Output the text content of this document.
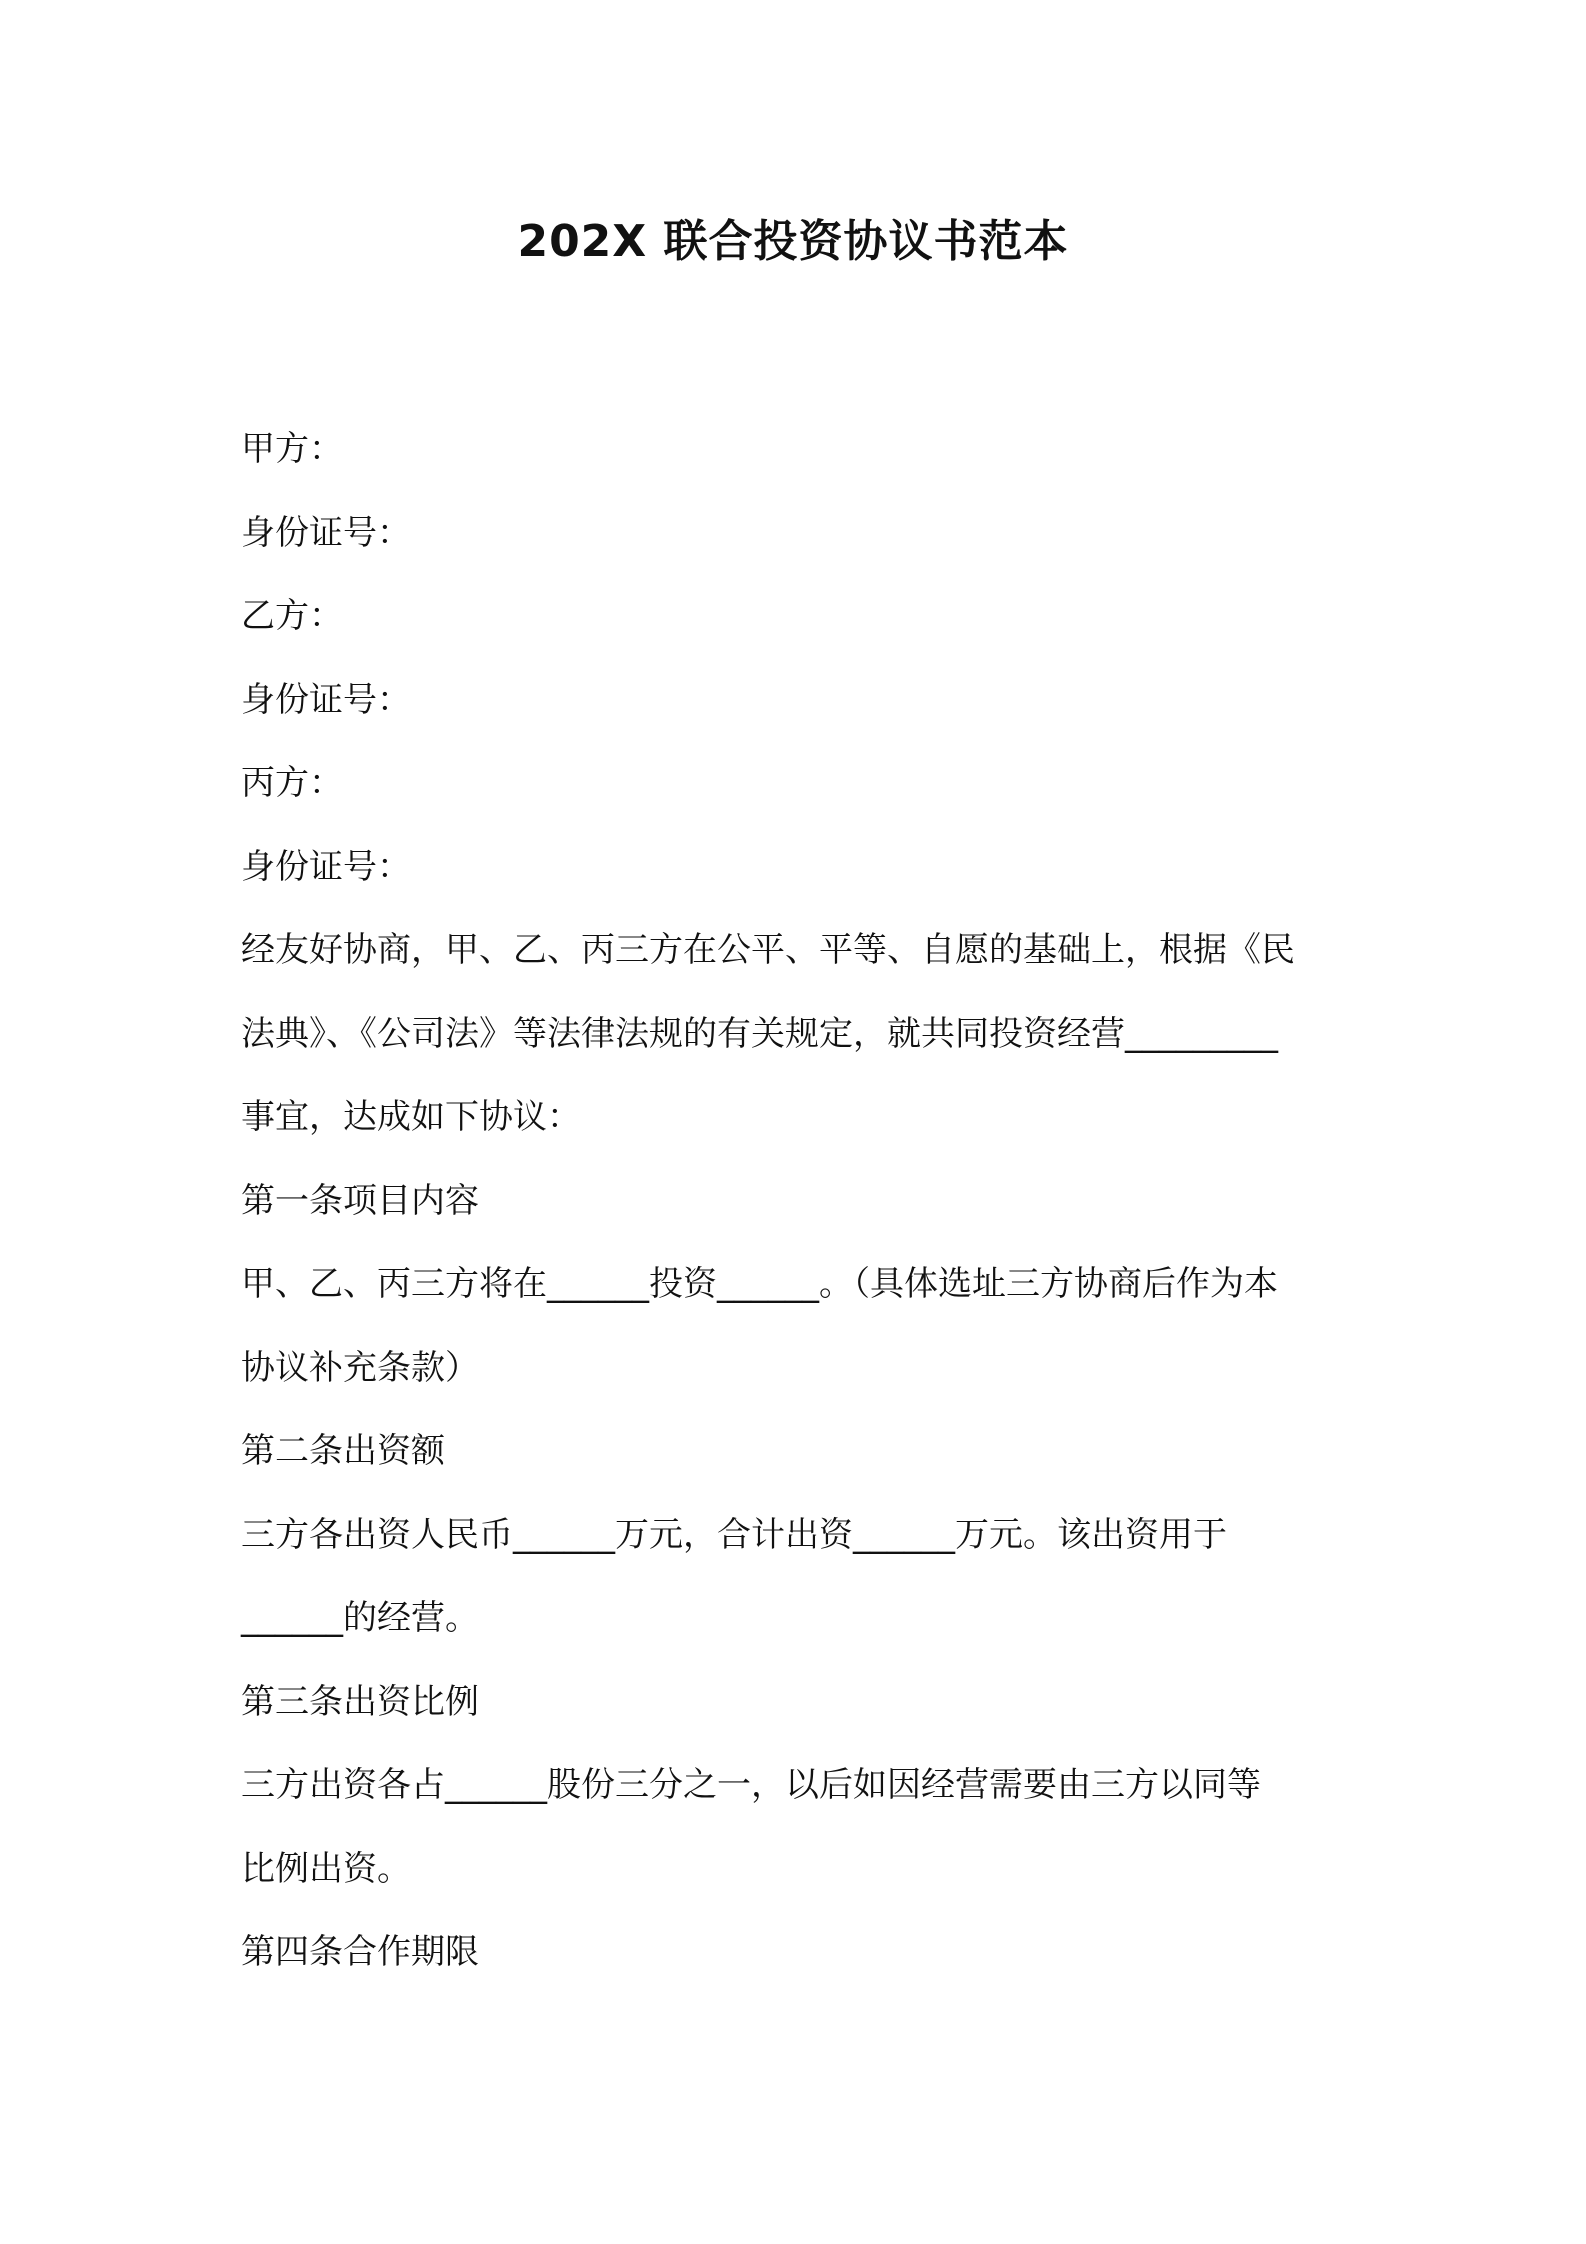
202X 联合投资协议书范本
甲方：
身份证号：
乙方：
身份证号：
丙方：
身份证号：
经友好协商，甲、乙、丙三方在公平、平等、自愿的基础上，根据《民
法典》、《公司法》等法律法规的有关规定，就共同投资经营_________
事宜，达成如下协议：
第一条项目内容
甲、乙、丙三方将在______投资______。（具体选址三方协商后作为本
协议补充条款）
第二条出资额
三方各出资人民币______万元，合计出资______万元。该出资用于
______的经营。
第三条出资比例
三方出资各占______股份三分之一，以后如因经营需要由三方以同等
比例出资。
第四条合作期限
